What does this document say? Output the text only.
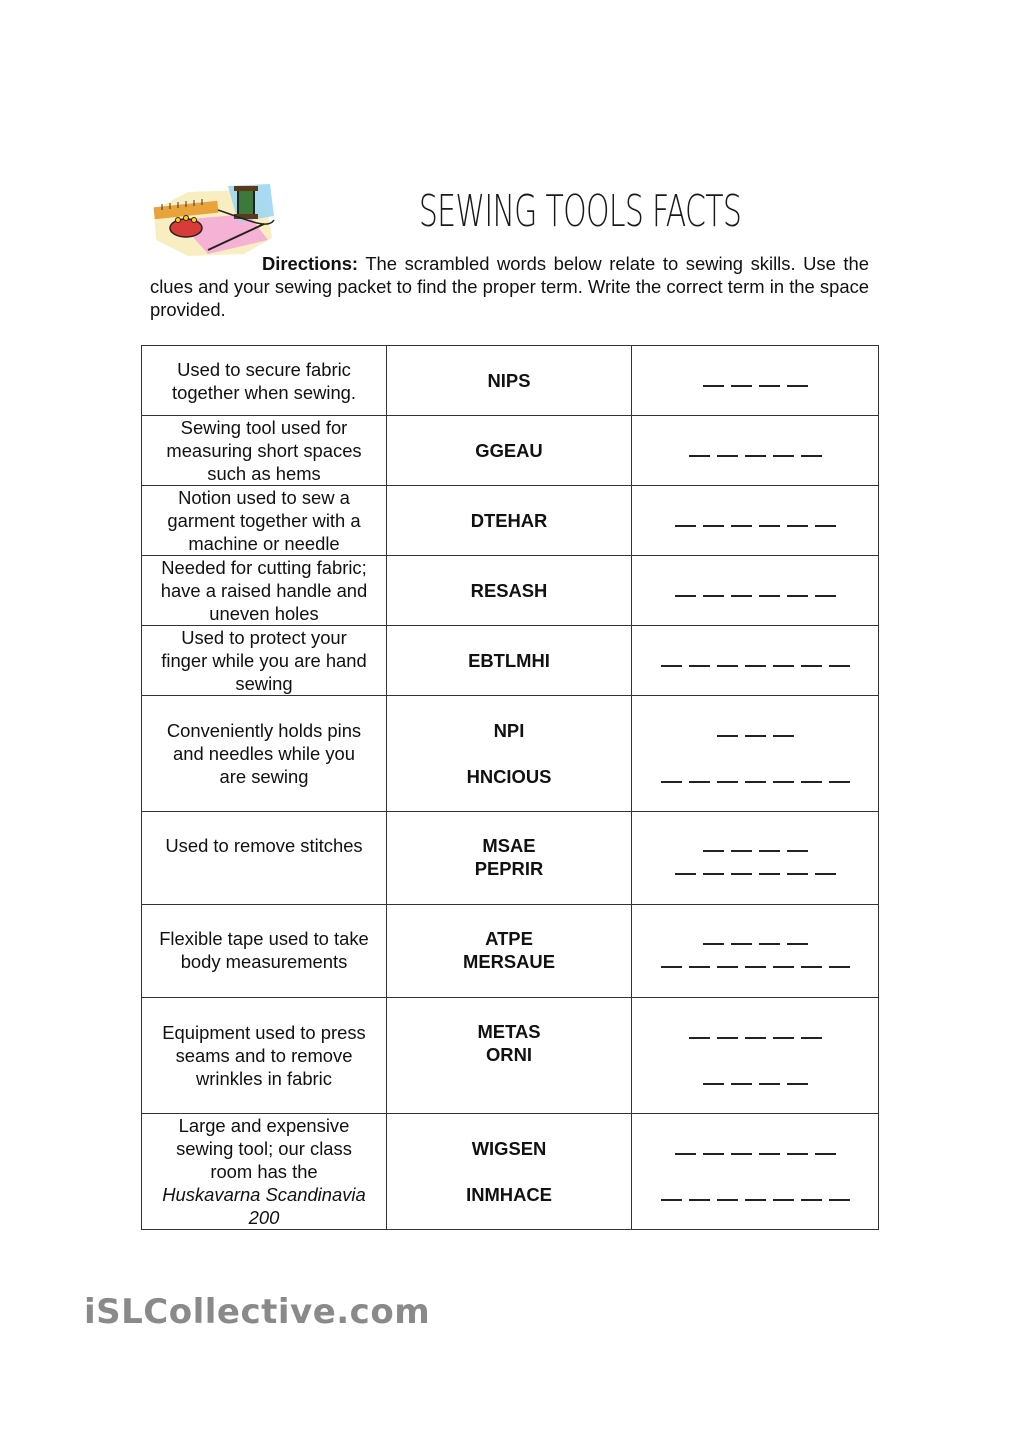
SEWING TOOLS FACTS

Directions: The scrambled words below relate to sewing skills. Use the clues and your sewing packet to find the proper term. Write the correct term in the space provided.

Used to secure fabric
together when sewing.	NIPS	

Sewing tool used for
measuring short spaces
such as hems	GGEAU	

Notion used to sew a
garment together with a
machine or needle	DTEHAR	

Needed for cutting fabric;
have a raised handle and
uneven holes	RESASH	

Used to protect your
finger while you are hand
sewing	EBTLMHI	

Conveniently holds pins
and needles while you
are sewing	NPI
HNCIOUS	

Used to remove stitches	MSAE
PEPRIR	

Flexible tape used to take
body measurements	ATPE
MERSAUE	

Equipment used to press
seams and to remove
wrinkles in fabric	METAS
ORNI	

Large and expensive
sewing tool; our class
room has the
Huskavarna Scandinavia
200	WIGSEN
INMHACE	

iSLCollective.com
